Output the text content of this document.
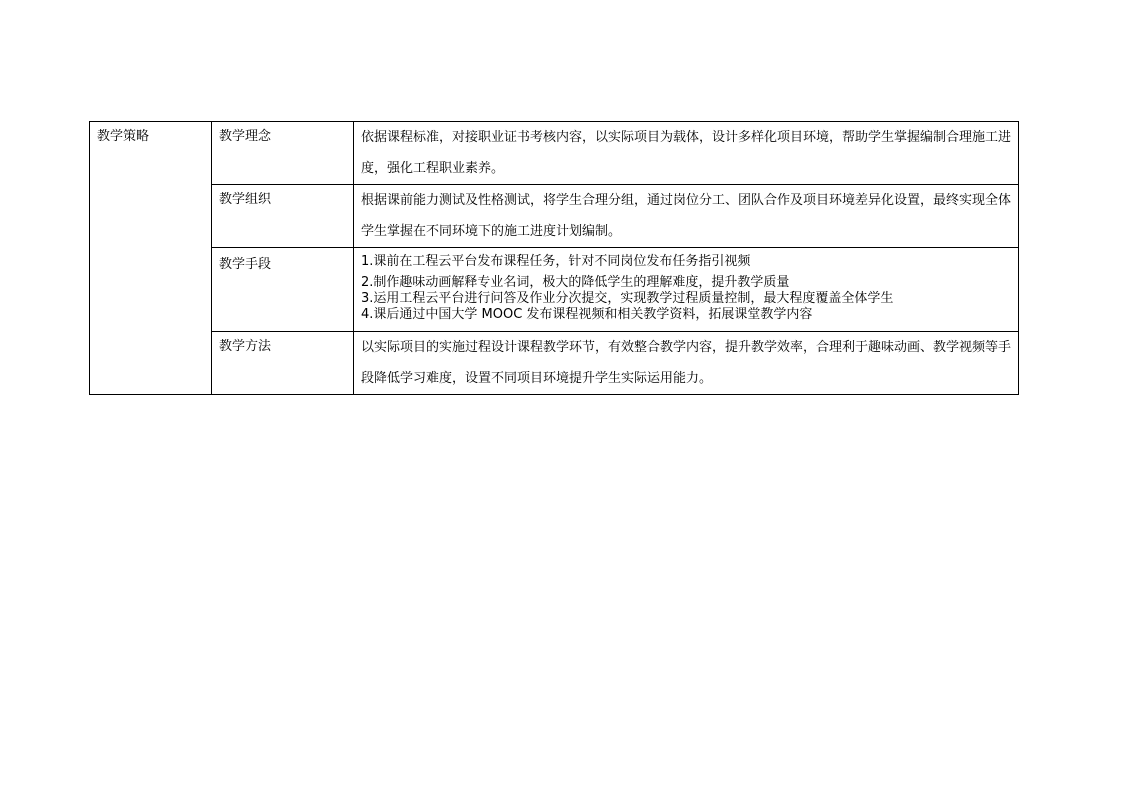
教学策略	教学理念	依据课程标准，对接职业证书考核内容，以实际项目为载体，设计多样化项目环境，帮助学生掌握编制合理施工进度，强化工程职业素养。

	教学组织	根据课前能力测试及性格测试，将学生合理分组，通过岗位分工、团队合作及项目环境差异化设置，最终实现全体学生掌握在不同环境下的施工进度计划编制。

	教学手段	1.课前在工程云平台发布课程任务，针对不同岗位发布任务指引视频
2.制作趣味动画解释专业名词，极大的降低学生的理解难度，提升教学质量
3.运用工程云平台进行问答及作业分次提交，实现教学过程质量控制，最大程度覆盖全体学生
4.课后通过中国大学 MOOC 发布课程视频和相关教学资料，拓展课堂教学内容

	教学方法	以实际项目的实施过程设计课程教学环节，有效整合教学内容，提升教学效率，合理利于趣味动画、教学视频等手段降低学习难度，设置不同项目环境提升学生实际运用能力。
